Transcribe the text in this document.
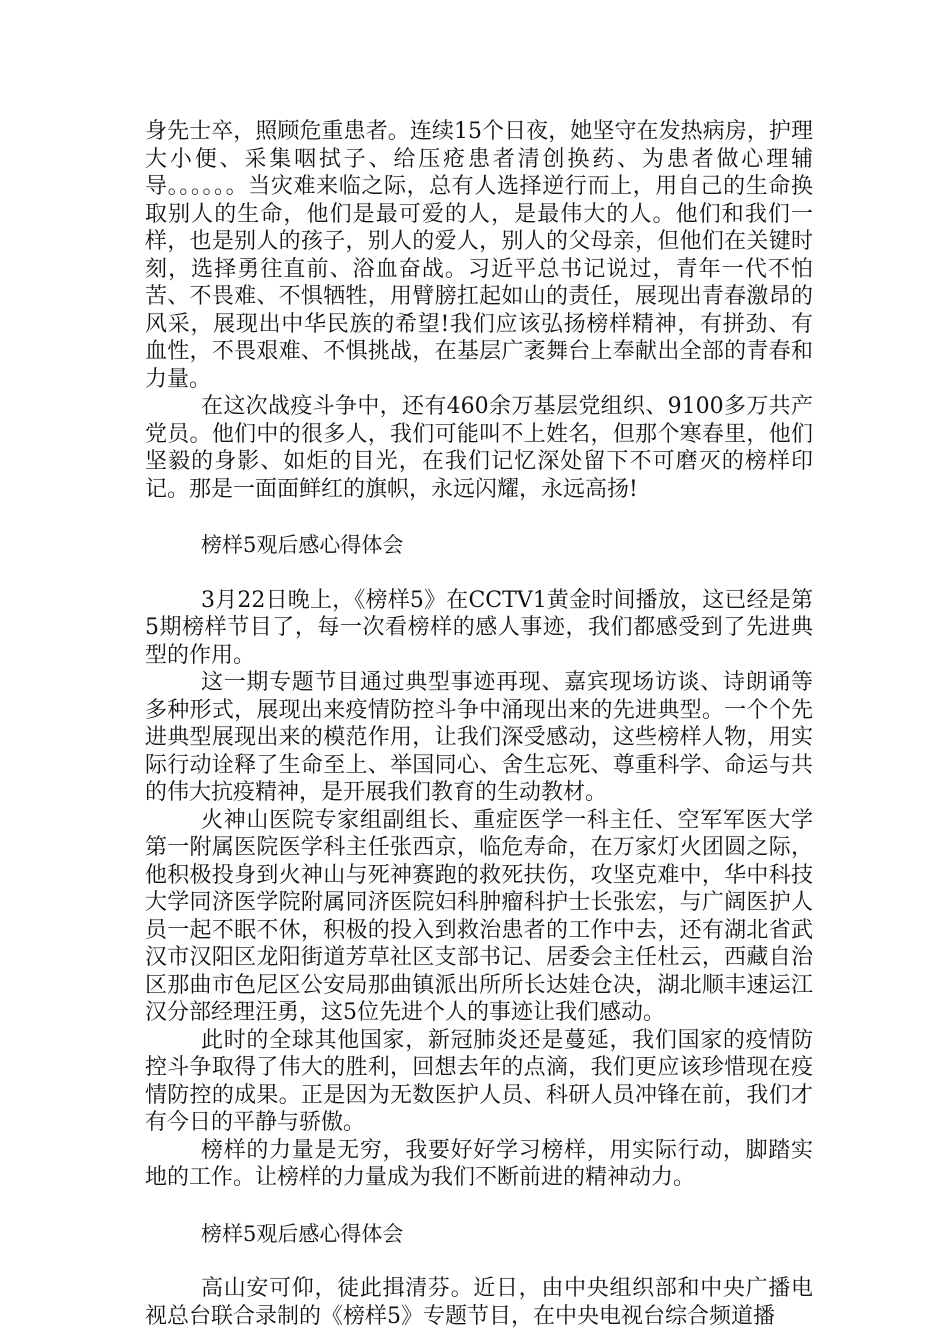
身先士卒，照顾危重患者。连续15个日夜，她坚守在发热病房，护理大小便、采集咽拭子、给压疮患者清创换药、为患者做心理辅导。。。。。。当灾难来临之际，总有人选择逆行而上，用自己的生命换取别人的生命，他们是最可爱的人，是最伟大的人。他们和我们一样，也是别人的孩子，别人的爱人，别人的父母亲，但他们在关键时刻，选择勇往直前、浴血奋战。习近平总书记说过，青年一代不怕苦、不畏难、不惧牺牲，用臂膀扛起如山的责任，展现出青春激昂的风采，展现出中华民族的希望!我们应该弘扬榜样精神，有拼劲、有血性，不畏艰难、不惧挑战，在基层广袤舞台上奉献出全部的青春和力量。

在这次战疫斗争中，还有460余万基层党组织、9100多万共产党员。他们中的很多人，我们可能叫不上姓名，但那个寒春里，他们坚毅的身影、如炬的目光，在我们记忆深处留下不可磨灭的榜样印记。那是一面面鲜红的旗帜，永远闪耀，永远高扬!

榜样5观后感心得体会

3月22日晚上，《榜样5》在CCTV1黄金时间播放，这已经是第5期榜样节目了，每一次看榜样的感人事迹，我们都感受到了先进典型的作用。

这一期专题节目通过典型事迹再现、嘉宾现场访谈、诗朗诵等多种形式，展现出来疫情防控斗争中涌现出来的先进典型。一个个先进典型展现出来的模范作用，让我们深受感动，这些榜样人物，用实际行动诠释了生命至上、举国同心、舍生忘死、尊重科学、命运与共的伟大抗疫精神，是开展我们教育的生动教材。

火神山医院专家组副组长、重症医学一科主任、空军军医大学第一附属医院医学科主任张西京，临危寿命，在万家灯火团圆之际，他积极投身到火神山与死神赛跑的救死扶伤，攻坚克难中，华中科技大学同济医学院附属同济医院妇科肿瘤科护士长张宏，与广阔医护人员一起不眠不休，积极的投入到救治患者的工作中去，还有湖北省武汉市汉阳区龙阳街道芳草社区支部书记、居委会主任杜云，西藏自治区那曲市色尼区公安局那曲镇派出所所长达娃仓决，湖北顺丰速运江汉分部经理汪勇，这5位先进个人的事迹让我们感动。

此时的全球其他国家，新冠肺炎还是蔓延，我们国家的疫情防控斗争取得了伟大的胜利，回想去年的点滴，我们更应该珍惜现在疫情防控的成果。正是因为无数医护人员、科研人员冲锋在前，我们才有今日的平静与骄傲。

榜样的力量是无穷，我要好好学习榜样，用实际行动，脚踏实地的工作。让榜样的力量成为我们不断前进的精神动力。

榜样5观后感心得体会

高山安可仰，徒此揖清芬。近日，由中央组织部和中央广播电视总台联合录制的《榜样5》专题节目，在中央电视台综合频道播
